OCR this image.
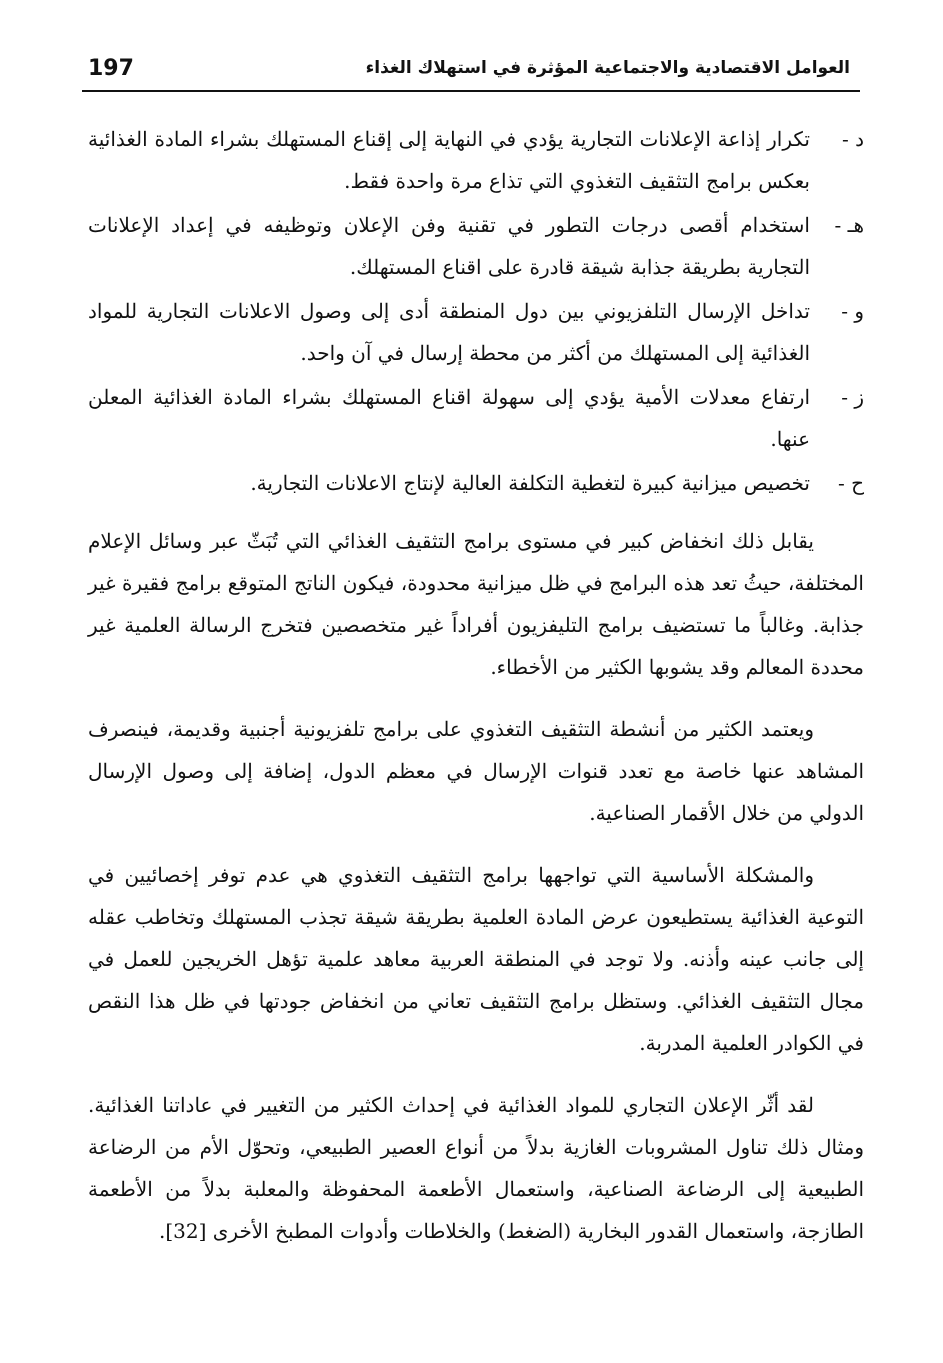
197	العوامل الاقتصادية والاجتماعية المؤثرة في استهلاك الغذاء
د -
تكرار إذاعة الإعلانات التجارية يؤدي في النهاية إلى إقناع المستهلك بشراء المادة الغذائية بعكس برامج التثقيف التغذوي التي تذاع مرة واحدة فقط.
هـ -
استخدام أقصى درجات التطور في تقنية وفن الإعلان وتوظيفه في إعداد الإعلانات التجارية بطريقة جذابة شيقة قادرة على اقناع المستهلك.
و -
تداخل الإرسال التلفزيوني بين دول المنطقة أدى إلى وصول الاعلانات التجارية للمواد الغذائية إلى المستهلك من أكثر من محطة إرسال في آن واحد.
ز -
ارتفاع معدلات الأمية يؤدي إلى سهولة اقناع المستهلك بشراء المادة الغذائية المعلن عنها.
ح -
تخصيص ميزانية كبيرة لتغطية التكلفة العالية لإنتاج الاعلانات التجارية.

يقابل ذلك انخفاض كبير في مستوى برامج التثقيف الغذائي التي تُبَثّ عبر وسائل الإعلام المختلفة، حيثُ تعد هذه البرامج في ظل ميزانية محدودة، فيكون الناتج المتوقع برامج فقيرة غير جذابة. وغالباً ما تستضيف برامج التليفزيون أفراداً غير متخصصين فتخرج الرسالة العلمية غير محددة المعالم وقد يشوبها الكثير من الأخطاء.

ويعتمد الكثير من أنشطة التثقيف التغذوي على برامج تلفزيونية أجنبية وقديمة، فينصرف المشاهد عنها خاصة مع تعدد قنوات الإرسال في معظم الدول، إضافة إلى وصول الإرسال الدولي من خلال الأقمار الصناعية.

والمشكلة الأساسية التي تواجهها برامج التثقيف التغذوي هي عدم توفر إخصائيين في التوعية الغذائية يستطيعون عرض المادة العلمية بطريقة شيقة تجذب المستهلك وتخاطب عقله إلى جانب عينه وأذنه. ولا توجد في المنطقة العربية معاهد علمية تؤهل الخريجين للعمل في مجال التثقيف الغذائي. وستظل برامج التثقيف تعاني من انخفاض جودتها في ظل هذا النقص في الكوادر العلمية المدربة.

لقد أثّر الإعلان التجاري للمواد الغذائية في إحداث الكثير من التغيير في عاداتنا الغذائية. ومثال ذلك تناول المشروبات الغازية بدلاً من أنواع العصير الطبيعي، وتحوّل الأم من الرضاعة الطبيعية إلى الرضاعة الصناعية، واستعمال الأطعمة المحفوظة والمعلبة بدلاً من الأطعمة الطازجة، واستعمال القدور البخارية (الضغط) والخلاطات وأدوات المطبخ الأخرى [32].
